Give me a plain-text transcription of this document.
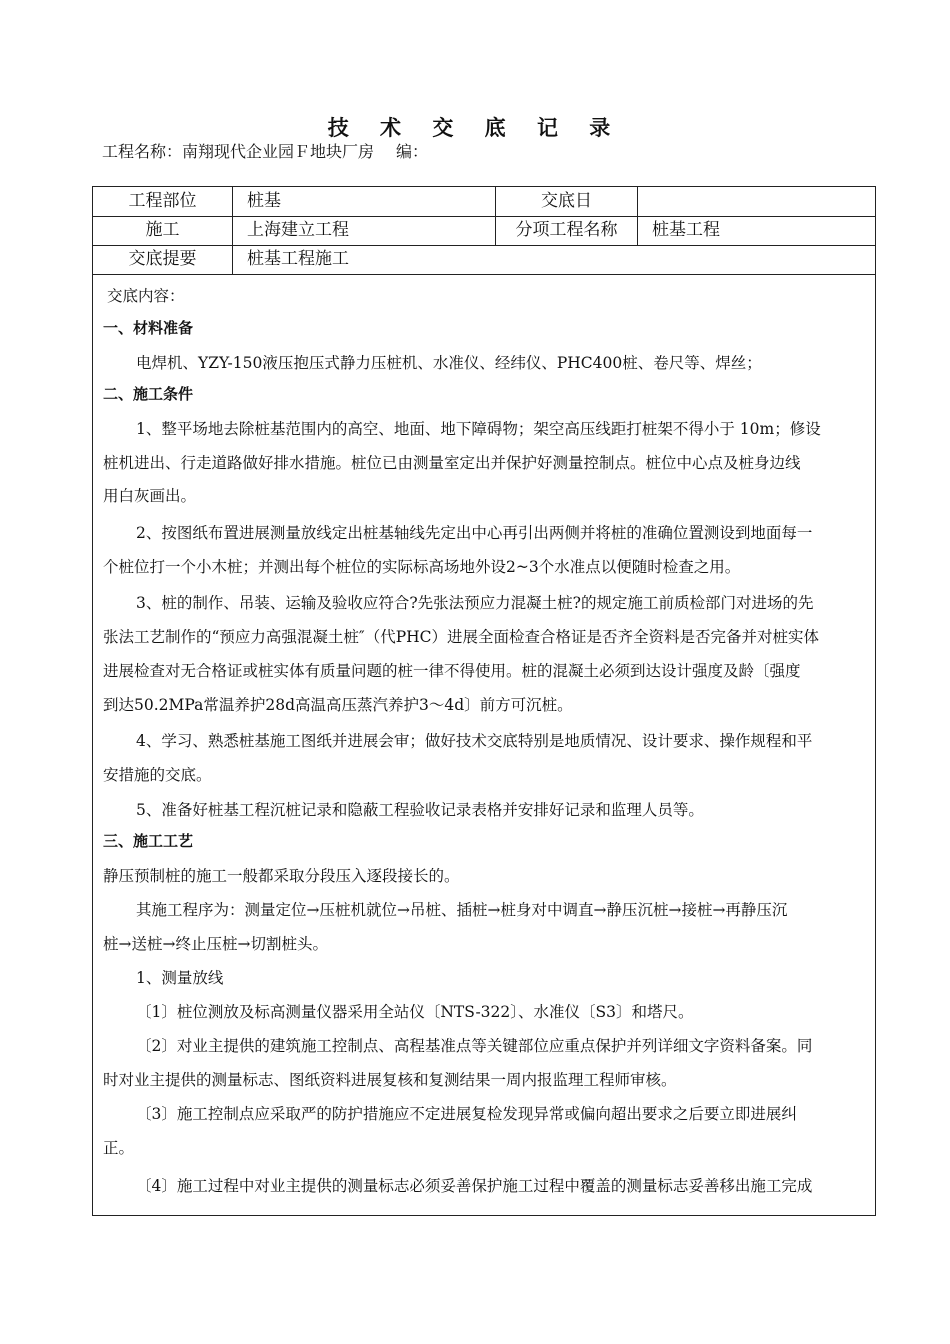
技 术 交 底 记 录
工程名称：南翔现代企业园Ｆ地块厂房 编：
工程部位	桩基	交底日
施工	上海建立工程	分项工程名称	桩基工程
交底提要	桩基工程施工
交底内容：
一、材料准备
电焊机、YZY-150液压抱压式静力压桩机、水准仪、经纬仪、PHC400桩、卷尺等、焊丝；
二、施工条件
1、整平场地去除桩基范围内的高空、地面、地下障碍物；架空高压线距打桩架不得小于 10m；修设
桩机进出、行走道路做好排水措施。桩位已由测量室定出并保护好测量控制点。桩位中心点及桩身边线
用白灰画出。
2、按图纸布置进展测量放线定出桩基轴线先定出中心再引出两侧并将桩的准确位置测设到地面每一
个桩位打一个小木桩；并测出每个桩位的实际标高场地外设2~3个水准点以便随时检查之用。
3、桩的制作、吊装、运输及验收应符合?先张法预应力混凝土桩?的规定施工前质检部门对进场的先
张法工艺制作的“预应力高强混凝土桩″（代PHC）进展全面检查合格证是否齐全资料是否完备并对桩实体
进展检查对无合格证或桩实体有质量问题的桩一律不得使用。桩的混凝土必须到达设计强度及龄〔强度
到达50.2MPa常温养护28d高温高压蒸汽养护3～4d〕前方可沉桩。
4、学习、熟悉桩基施工图纸并进展会审；做好技术交底特别是地质情况、设计要求、操作规程和平
安措施的交底。
5、准备好桩基工程沉桩记录和隐蔽工程验收记录表格并安排好记录和监理人员等。
三、施工工艺
静压预制桩的施工一般都采取分段压入逐段接长的。
其施工程序为：测量定位→压桩机就位→吊桩、插桩→桩身对中调直→静压沉桩→接桩→再静压沉
桩→送桩→终止压桩→切割桩头。
1、测量放线
〔1〕桩位测放及标高测量仪器采用全站仪〔NTS-322〕、水准仪〔S3〕和塔尺。
〔2〕对业主提供的建筑施工控制点、高程基准点等关键部位应重点保护并列详细文字资料备案。同
时对业主提供的测量标志、图纸资料进展复核和复测结果一周内报监理工程师审核。
〔3〕施工控制点应采取严的防护措施应不定进展复检发现异常或偏向超出要求之后要立即进展纠
正。
〔4〕施工过程中对业主提供的测量标志必须妥善保护施工过程中覆盖的测量标志妥善移出施工完成
